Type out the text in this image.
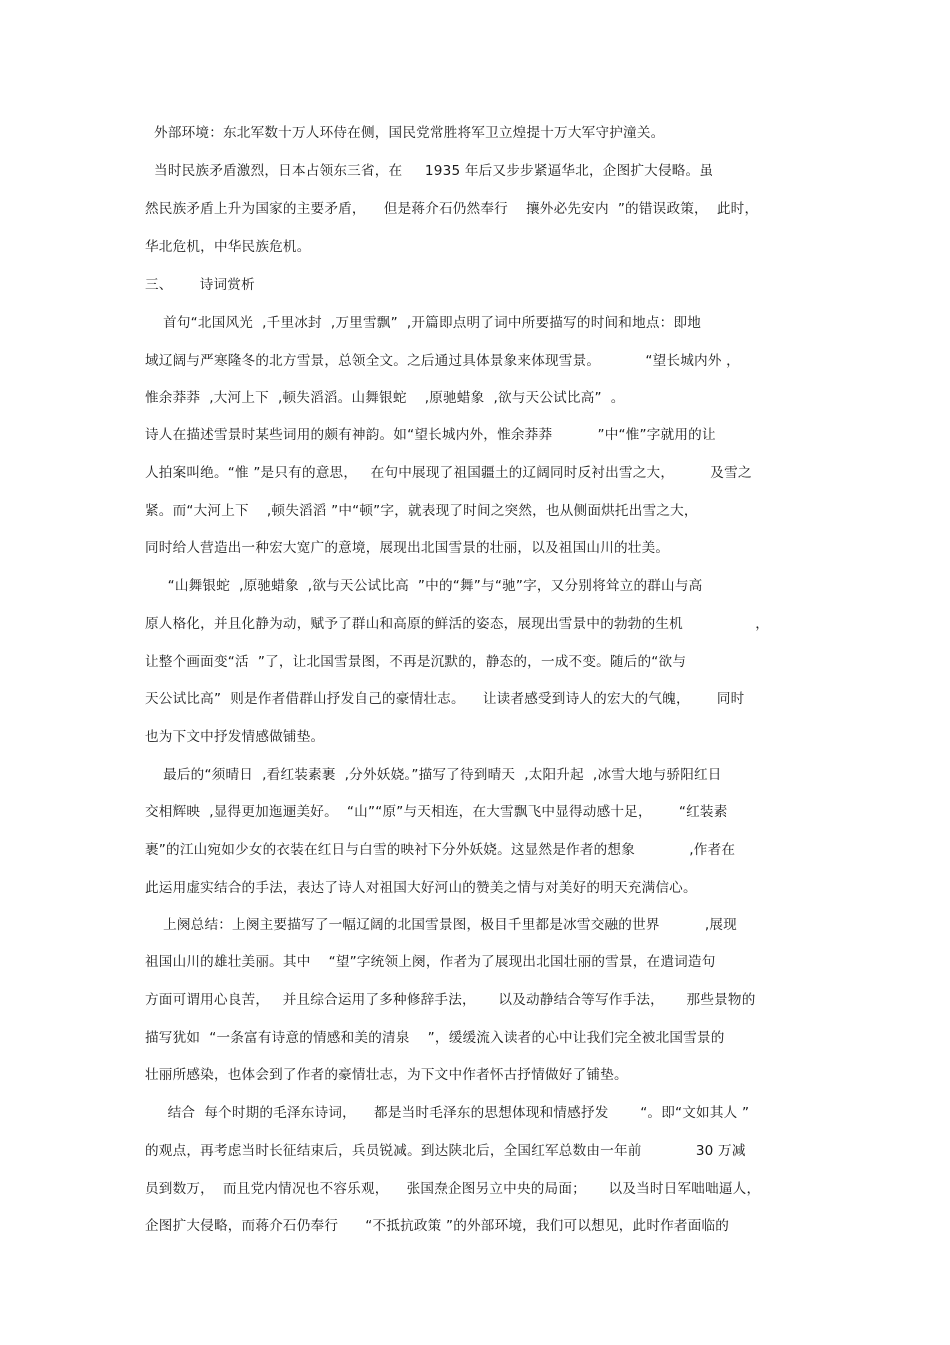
外部环境：东北军数十万人环侍在侧，国民党常胜将军卫立煌提十万大军守护潼关。
当时民族矛盾激烈，日本占领东三省，在     1935 年后又步步紧逼华北，企图扩大侵略。虽
然民族矛盾上升为国家的主要矛盾，    但是蒋介石仍然奉行    攘外必先安内  ”的错误政策，  此时，
华北危机，中华民族危机。
三、      诗词赏析
首句“北国风光  ,千里冰封  ,万里雪飘”  ,开篇即点明了词中所要描写的时间和地点：即地
域辽阔与严寒隆冬的北方雪景，总领全文。之后通过具体景象来体现雪景。          “望长城内外 ，
惟余莽莽  ,大河上下  ,顿失滔滔。山舞银蛇    ,原驰蜡象  ,欲与天公试比高”  。
诗人在描述雪景时某些词用的颇有神韵。如“望长城内外，惟余莽莽          ”中“惟”字就用的让
人拍案叫绝。“惟 ”是只有的意思，   在句中展现了祖国疆土的辽阔同时反衬出雪之大，        及雪之
紧。而“大河上下    ,顿失滔滔 ”中“顿”字，就表现了时间之突然，也从侧面烘托出雪之大，
同时给人营造出一种宏大宽广的意境，展现出北国雪景的壮丽，以及祖国山川的壮美。
“山舞银蛇  ,原驰蜡象  ,欲与天公试比高  ”中的“舞”与“驰”字，又分别将耸立的群山与高
原人格化，并且化静为动，赋予了群山和高原的鲜活的姿态，展现出雪景中的勃勃的生机                ，
让整个画面变“活  ”了，让北国雪景图，不再是沉默的，静态的，一成不变。随后的“欲与
天公试比高”  则是作者借群山抒发自己的豪情壮志。    让读者感受到诗人的宏大的气魄，      同时
也为下文中抒发情感做铺垫。
最后的“须晴日  ,看红装素裹  ,分外妖娆。”描写了待到晴天  ,太阳升起  ,冰雪大地与骄阳红日
交相辉映  ,显得更加迤逦美好。  “山”“原”与天相连，在大雪飘飞中显得动感十足，      “红装素
裹”的江山宛如少女的衣装在红日与白雪的映衬下分外妖娆。这显然是作者的想象            ,作者在
此运用虚实结合的手法，表达了诗人对祖国大好河山的赞美之情与对美好的明天充满信心。
上阕总结：上阕主要描写了一幅辽阔的北国雪景图，极目千里都是冰雪交融的世界          ,展现
祖国山川的雄壮美丽。其中    “望”字统领上阕，作者为了展现出北国壮丽的雪景，在遣词造句
方面可谓用心良苦，   并且综合运用了多种修辞手法，     以及动静结合等写作手法，     那些景物的
描写犹如  “一条富有诗意的情感和美的清泉    ”，缓缓流入读者的心中让我们完全被北国雪景的
壮丽所感染，也体会到了作者的豪情壮志，为下文中作者怀古抒情做好了铺垫。
结合  每个时期的毛泽东诗词，    都是当时毛泽东的思想体现和情感抒发       “。即“文如其人 ”
的观点，再考虑当时长征结束后，兵员锐减。到达陕北后，全国红军总数由一年前            30 万减
员到数万，  而且党内情况也不容乐观，    张国焘企图另立中央的局面；     以及当时日军咄咄逼人，
企图扩大侵略，而蒋介石仍奉行      “不抵抗政策 ”的外部环境，我们可以想见，此时作者面临的
